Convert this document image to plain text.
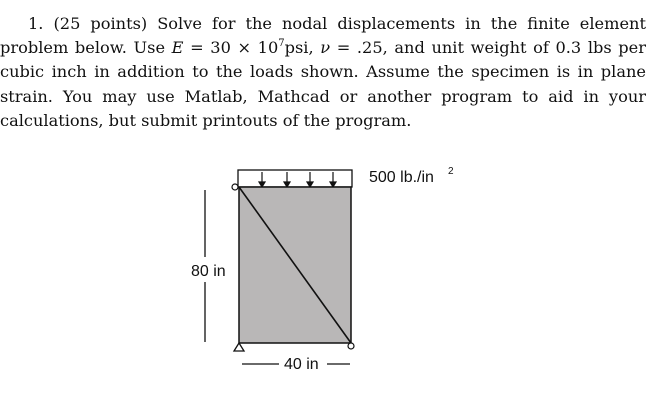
1. (25 points) Solve for the nodal displacements in the finite element
problem below. Use $E = 30 \times 10^7psi$, ν = .25, and unit weight of 0.3 lbs per
cubic inch in addition to the loads shown. Assume the specimen is in plane
strain. You may use Matlab, Mathcad or another program to aid in your
calculations, but submit printouts of the program.
80 in
40 in
500 lb./in 2
